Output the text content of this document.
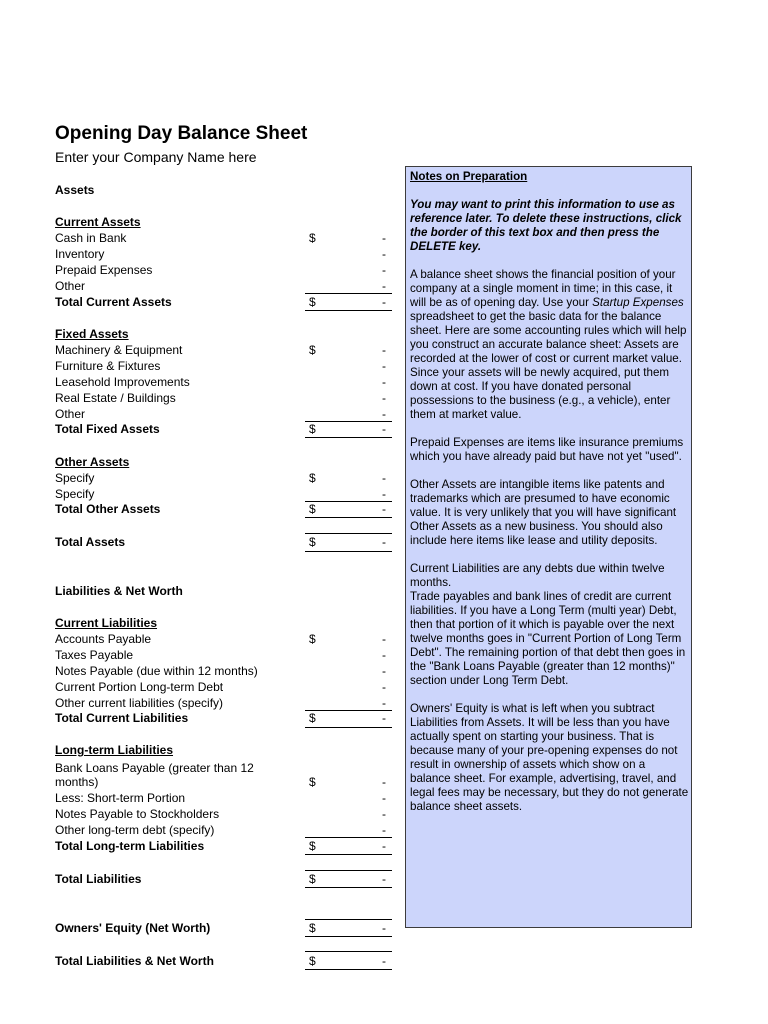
Opening Day Balance Sheet
Enter your Company Name here
Assets
Current Assets
Cash in Bank	$	-
Inventory	-
Prepaid Expenses	-
Other	-
Total Current Assets	$	-
Fixed Assets
Machinery & Equipment	$	-
Furniture & Fixtures	-
Leasehold Improvements	-
Real Estate / Buildings	-
Other	-
Total Fixed Assets	$	-
Other Assets
Specify	$	-
Specify	-
Total Other Assets	$	-
Total Assets	$	-
Liabilities & Net Worth
Current Liabilities
Accounts Payable	$	-
Taxes Payable	-
Notes Payable (due within 12 months)	-
Current Portion Long-term Debt	-
Other current liabilities (specify)	-
Total Current Liabilities	$	-
Long-term Liabilities
Bank Loans Payable (greater than 12 months)	$	-
Less: Short-term Portion	-
Notes Payable to Stockholders	-
Other long-term debt (specify)	-
Total Long-term Liabilities	$	-
Total Liabilities	$	-
Owners' Equity (Net Worth)	$	-
Total Liabilities & Net Worth	$	-

Notes on Preparation

You may want to print this information to use as reference later. To delete these instructions, click the border of this text box and then press the DELETE key.

A balance sheet shows the financial position of your company at a single moment in time; in this case, it will be as of opening day. Use your Startup Expenses spreadsheet to get the basic data for the balance sheet. Here are some accounting rules which will help you construct an accurate balance sheet: Assets are recorded at the lower of cost or current market value. Since your assets will be newly acquired, put them down at cost. If you have donated personal possessions to the business (e.g., a vehicle), enter them at market value.

Prepaid Expenses are items like insurance premiums which you have already paid but have not yet "used".

Other Assets are intangible items like patents and trademarks which are presumed to have economic value. It is very unlikely that you will have significant Other Assets as a new business. You should also include here items like lease and utility deposits.

Current Liabilities are any debts due within twelve months.
Trade payables and bank lines of credit are current liabilities. If you have a Long Term (multi year) Debt, then that portion of it which is payable over the next twelve months goes in "Current Portion of Long Term Debt". The remaining portion of that debt then goes in the "Bank Loans Payable (greater than 12 months)" section under Long Term Debt.

Owners' Equity is what is left when you subtract Liabilities from Assets. It will be less than you have actually spent on starting your business. That is because many of your pre-opening expenses do not result in ownership of assets which show on a balance sheet. For example, advertising, travel, and legal fees may be necessary, but they do not generate balance sheet assets.
